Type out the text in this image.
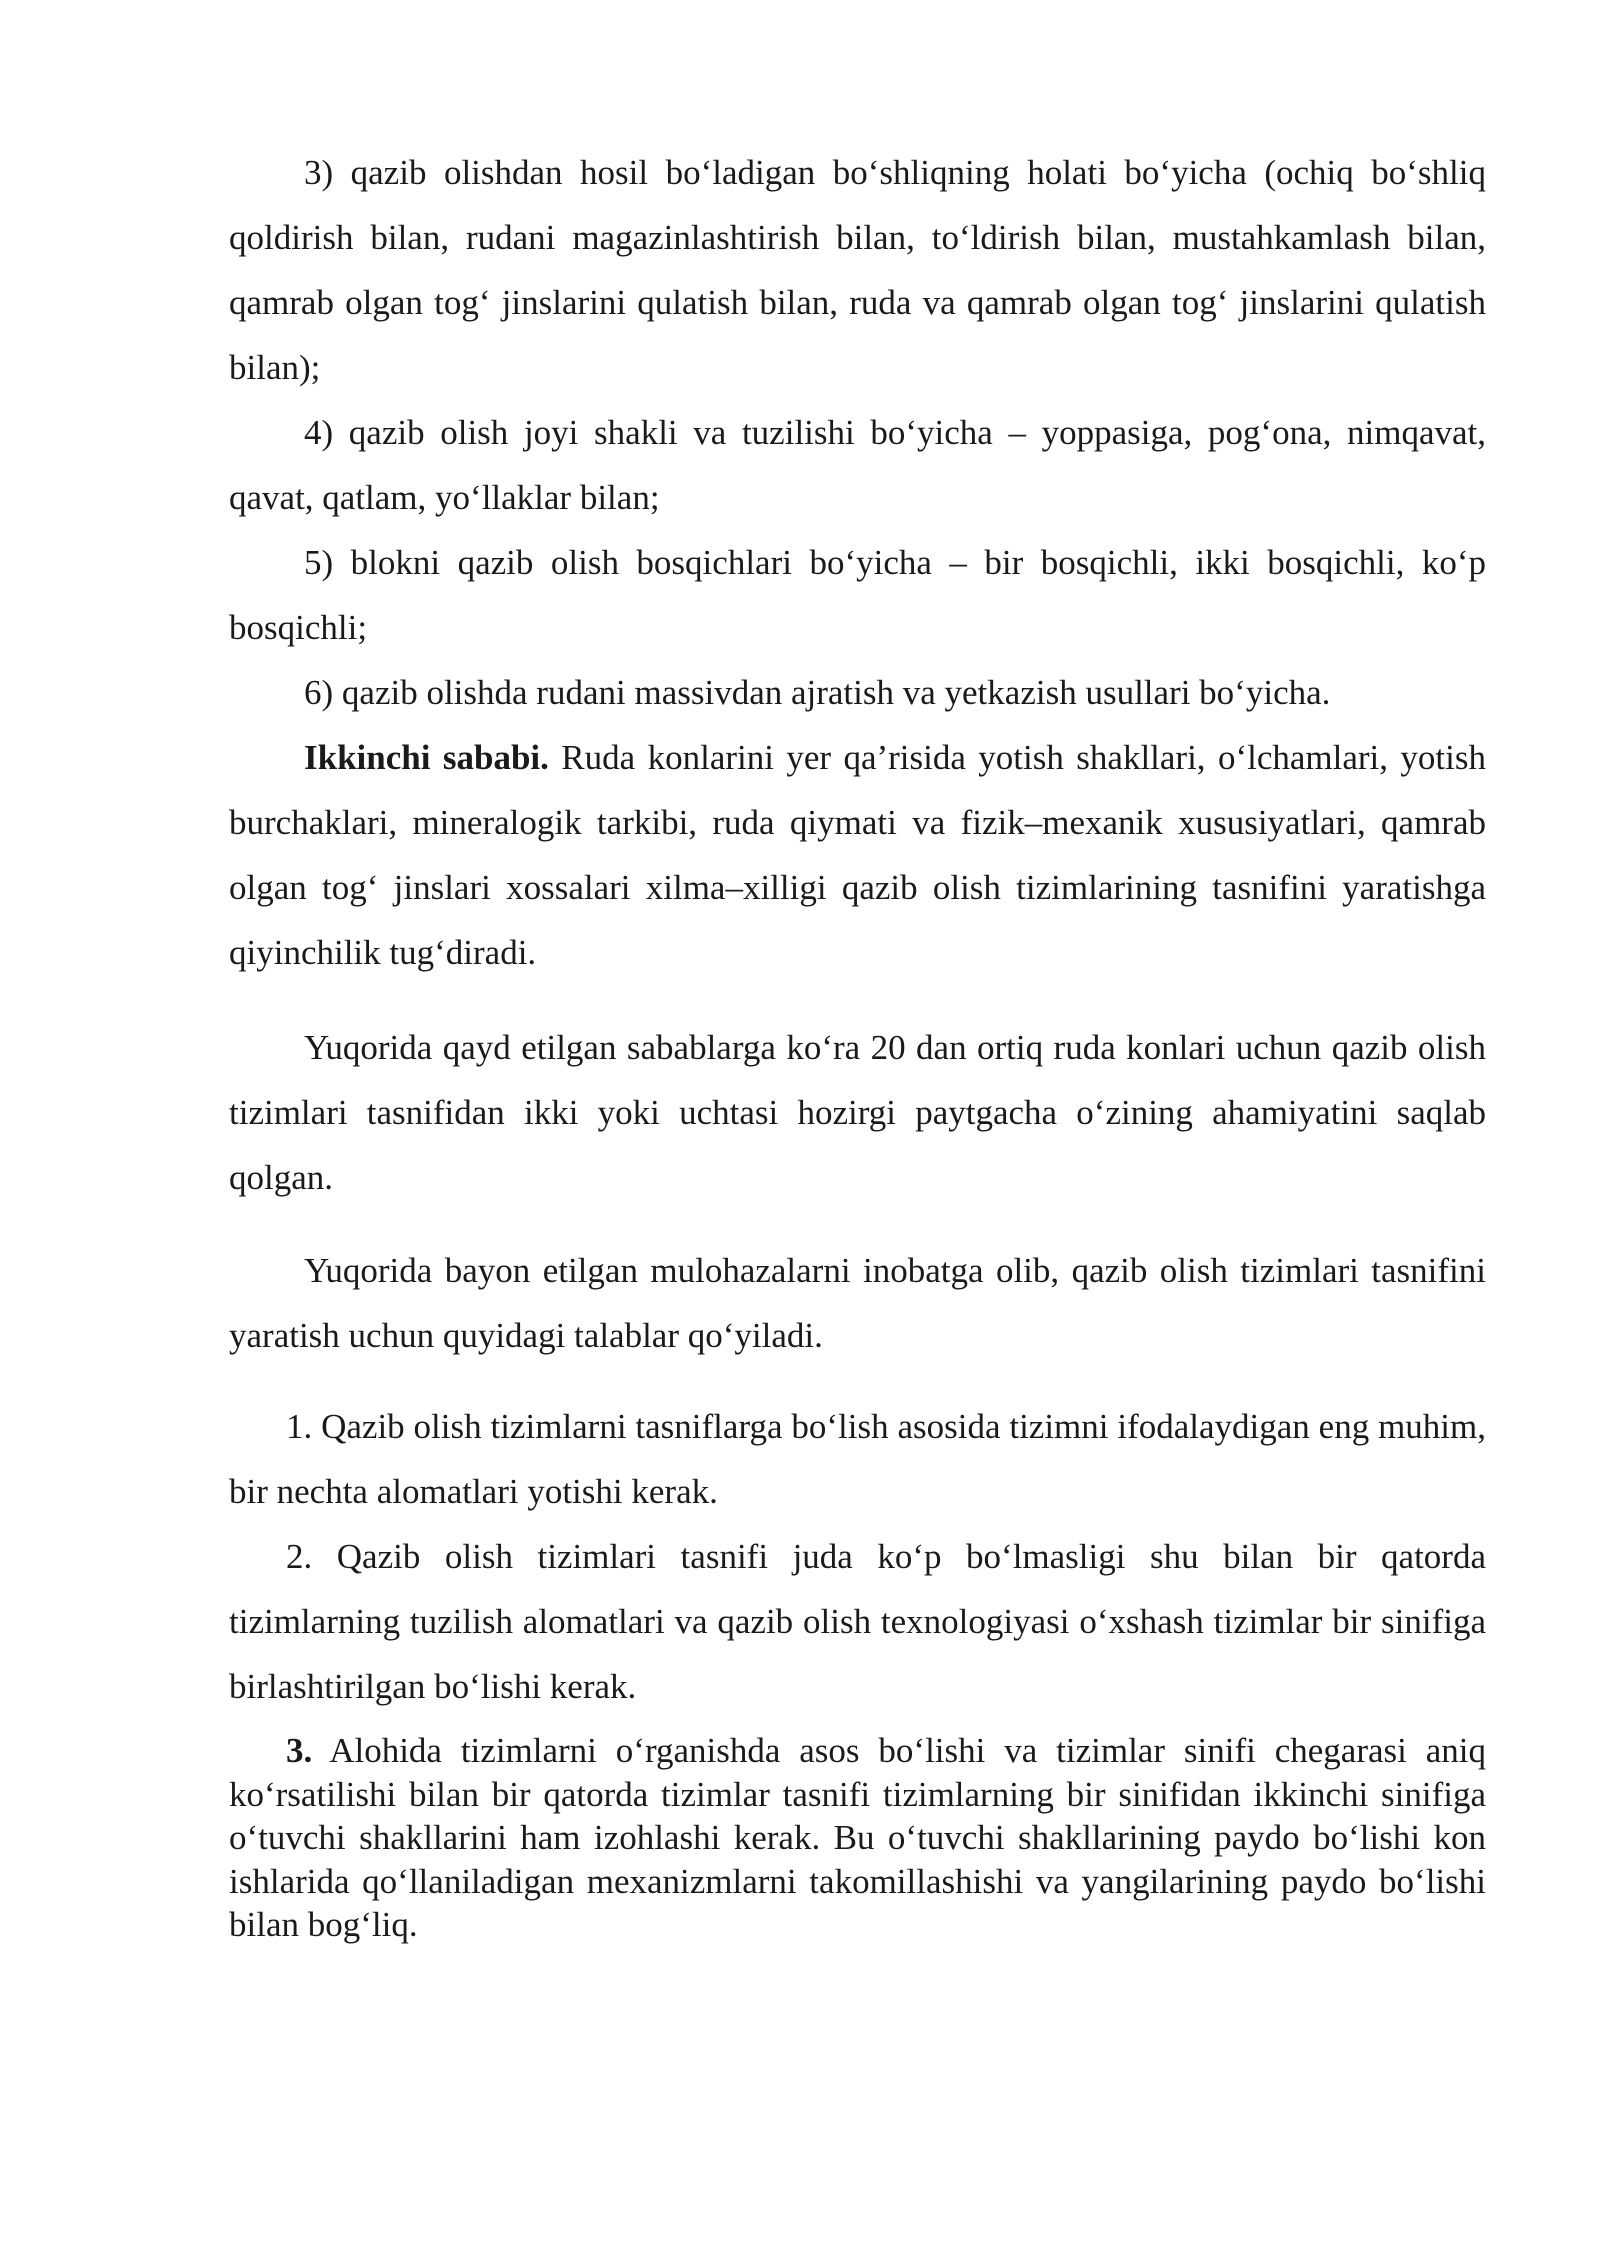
3) qazib olishdan hosil bo‘ladigan bo‘shliqning holati bo‘yicha (ochiq bo‘shliq qoldirish bilan, rudani magazinlashtirish bilan, to‘ldirish bilan, mustahkamlash bilan, qamrab olgan tog‘ jinslarini qulatish bilan, ruda va qamrab olgan tog‘ jinslarini qulatish bilan);

4) qazib olish joyi shakli va tuzilishi bo‘yicha – yoppasiga, pog‘ona, nimqavat, qavat, qatlam, yo‘llaklar bilan;

5) blokni qazib olish bosqichlari bo‘yicha – bir bosqichli, ikki bosqichli, ko‘p bosqichli;

6) qazib olishda rudani massivdan ajratish va yetkazish usullari bo‘yicha.

Ikkinchi sababi. Ruda konlarini yer qa’risida yotish shakllari, o‘lchamlari, yotish burchaklari, mineralogik tarkibi, ruda qiymati va fizik–mexanik xususiyatlari, qamrab olgan tog‘ jinslari xossalari xilma–xilligi qazib olish tizimlarining tasnifini yaratishga qiyinchilik tug‘diradi.

Yuqorida qayd etilgan sabablarga ko‘ra 20 dan ortiq ruda konlari uchun qazib olish tizimlari tasnifidan ikki yoki uchtasi hozirgi paytgacha o‘zining ahamiyatini saqlab qolgan.

Yuqorida bayon etilgan mulohazalarni inobatga olib, qazib olish tizimlari tasnifini yaratish uchun quyidagi talablar qo‘yiladi.

1. Qazib olish tizimlarni tasniflarga bo‘lish asosida tizimni ifodalaydigan eng muhim, bir nechta alomatlari yotishi kerak.

2. Qazib olish tizimlari tasnifi juda ko‘p bo‘lmasligi shu bilan bir qatorda tizimlarning tuzilish alomatlari va qazib olish texnologiyasi o‘xshash tizimlar bir sinifiga birlashtirilgan bo‘lishi kerak.

3. Alohida tizimlarni o‘rganishda asos bo‘lishi va tizimlar sinifi chegarasi aniq ko‘rsatilishi bilan bir qatorda tizimlar tasnifi tizimlarning bir sinifidan ikkinchi sinifiga o‘tuvchi shakllarini ham izohlashi kerak. Bu o‘tuvchi shakllarining paydo bo‘lishi kon ishlarida qo‘llaniladigan mexanizmlarni takomillashishi va yangilarining paydo bo‘lishi bilan bog‘liq.
